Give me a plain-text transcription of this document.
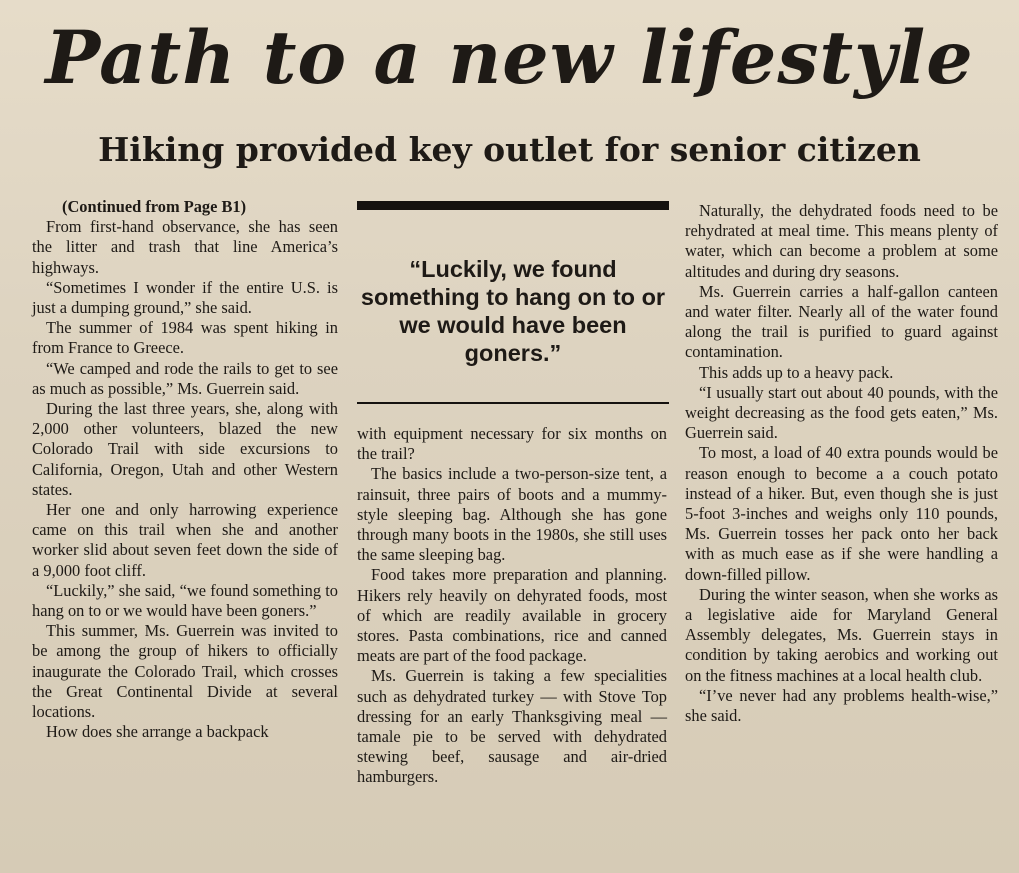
Path to a new lifestyle
Hiking provided key outlet for senior citizen

(Continued from Page B1)

From first-hand observance, she has seen the litter and trash that line America’s highways.

“Sometimes I wonder if the entire U.S. is just a dumping ground,” she said.

The summer of 1984 was spent hiking in from France to Greece.

“We camped and rode the rails to get to see as much as possible,” Ms. Guerrein said.

During the last three years, she, along with 2,000 other volunteers, blazed the new Colorado Trail with side excursions to California, Oregon, Utah and other Western states.

Her one and only harrowing experience came on this trail when she and another worker slid about seven feet down the side of a 9,000 foot cliff.

“Luckily,” she said, “we found something to hang on to or we would have been goners.”

This summer, Ms. Guerrein was invited to be among the group of hikers to officially inaugurate the Colorado Trail, which crosses the Great Continental Divide at several locations.

How does she arrange a backpack

“Luckily, we found something to hang on to or we would have been goners.”

with equipment necessary for six months on the trail?

The basics include a two-person-size tent, a rainsuit, three pairs of boots and a mummy-style sleeping bag. Although she has gone through many boots in the 1980s, she still uses the same sleeping bag.

Food takes more preparation and planning. Hikers rely heavily on dehyrated foods, most of which are readily available in grocery stores. Pasta combinations, rice and canned meats are part of the food package.

Ms. Guerrein is taking a few specialities such as dehydrated turkey — with Stove Top dressing for an early Thanksgiving meal — tamale pie to be served with dehydrated stewing beef, sausage and air-dried hamburgers.

Naturally, the dehydrated foods need to be rehydrated at meal time. This means plenty of water, which can become a problem at some altitudes and during dry seasons.

Ms. Guerrein carries a half-gallon canteen and water filter. Nearly all of the water found along the trail is purified to guard against contamination.

This adds up to a heavy pack.

“I usually start out about 40 pounds, with the weight decreasing as the food gets eaten,” Ms. Guerrein said.

To most, a load of 40 extra pounds would be reason enough to become a a couch potato instead of a hiker. But, even though she is just 5-foot 3-inches and weighs only 110 pounds, Ms. Guerrein tosses her pack onto her back with as much ease as if she were handling a down-filled pillow.

During the winter season, when she works as a legislative aide for Maryland General Assembly delegates, Ms. Guerrein stays in condition by taking aerobics and working out on the fitness machines at a local health club.

“I’ve never had any problems health-wise,” she said.
